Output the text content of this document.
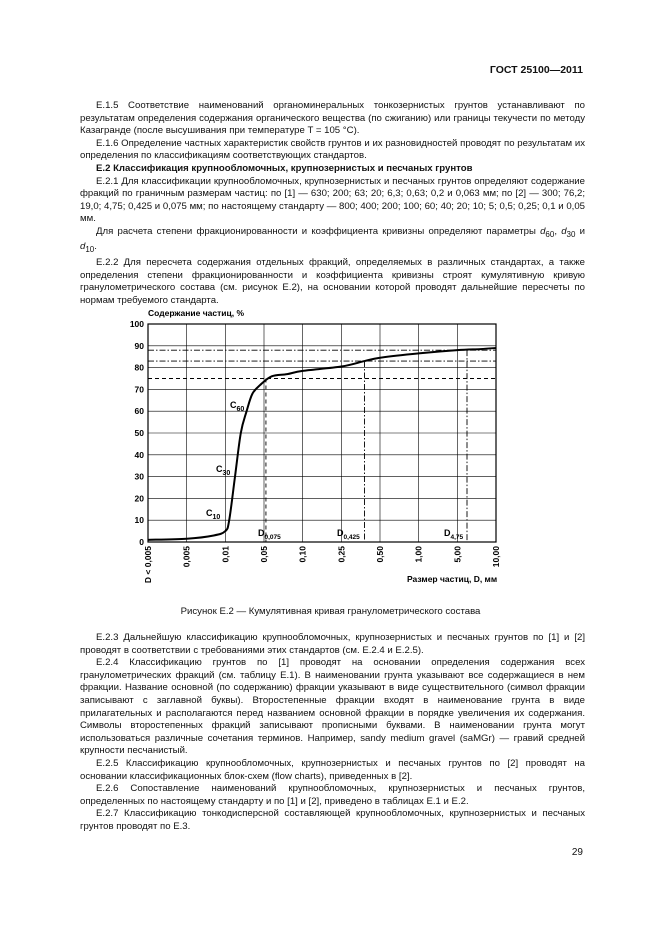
ГОСТ 25100—2011

Е.1.5 Соответствие наименований органоминеральных тонкозернистых грунтов устанавливают по результатам определения содержания органического вещества (по сжиганию) или границы текучести по методу Казагранде (после высушивания при температуре T = 105 °С).

Е.1.6 Определение частных характеристик свойств грунтов и их разновидностей проводят по результатам их определения по классификациям соответствующих стандартов.

Е.2 Классификация крупнообломочных, крупнозернистых и песчаных грунтов

Е.2.1 Для классификации крупнообломочных, крупнозернистых и песчаных грунтов определяют содержание фракций по граничным размерам частиц: по [1] — 630; 200; 63; 20; 6,3; 0,63; 0,2 и 0,063 мм; по [2] — 300; 76,2; 19,0; 4,75; 0,425 и 0,075 мм; по настоящему стандарту — 800; 400; 200; 100; 60; 40; 20; 10; 5; 0,5; 0,25; 0,1 и 0,05 мм.

Для расчета степени фракционированности и коэффициента кривизны определяют параметры $d_{60}$, $d_{30}$ и $d_{10}$.

Е.2.2 Для пересчета содержания отдельных фракций, определяемых в различных стандартах, а также определения степени фракционированности и коэффициента кривизны строят кумулятивную кривую гранулометрического состава (см. рисунок Е.2), на основании которой проводят дальнейшие пересчеты по нормам требуемого стандарта.

0
10
20
30
40
50
60
70
80
90
100
D < 0,005	0,005	0,01	0,05	0,10	0,25	0,50	1,00	5,00	10,00
Содержание частиц, %
Размер частиц, D, мм
$C_{60}$
$C_{30}$
$C_{10}$
$D_{0,075}$	$D_{0,425}$	$D_{4,75}$
Рисунок Е.2 — Кумулятивная кривая гранулометрического состава

Е.2.3 Дальнейшую классификацию крупнообломочных, крупнозернистых и песчаных грунтов по [1] и [2] проводят в соответствии с требованиями этих стандартов (см. Е.2.4 и Е.2.5).

Е.2.4 Классификацию грунтов по [1] проводят на основании определения содержания всех гранулометрических фракций (см. таблицу Е.1). В наименовании грунта указывают все содержащиеся в нем фракции. Название основной (по содержанию) фракции указывают в виде существительного (символ фракции записывают с заглавной буквы). Второстепенные фракции входят в наименование грунта в виде прилагательных и располагаются перед названием основной фракции в порядке увеличения их содержания. Символы второстепенных фракций записывают прописными буквами. В наименовании грунта могут использоваться различные сочетания терминов. Например, sandy medium gravel (saMGr) — гравий средней крупности песчанистый.

Е.2.5 Классификацию крупнообломочных, крупнозернистых и песчаных грунтов по [2] проводят на основании классификационных блок-схем (flow charts), приведенных в [2].

Е.2.6 Сопоставление наименований крупнообломочных, крупнозернистых и песчаных грунтов, определенных по настоящему стандарту и по [1] и [2], приведено в таблицах Е.1 и Е.2.

Е.2.7 Классификацию тонкодисперсной составляющей крупнообломочных, крупнозернистых и песчаных грунтов проводят по Е.3.

29
